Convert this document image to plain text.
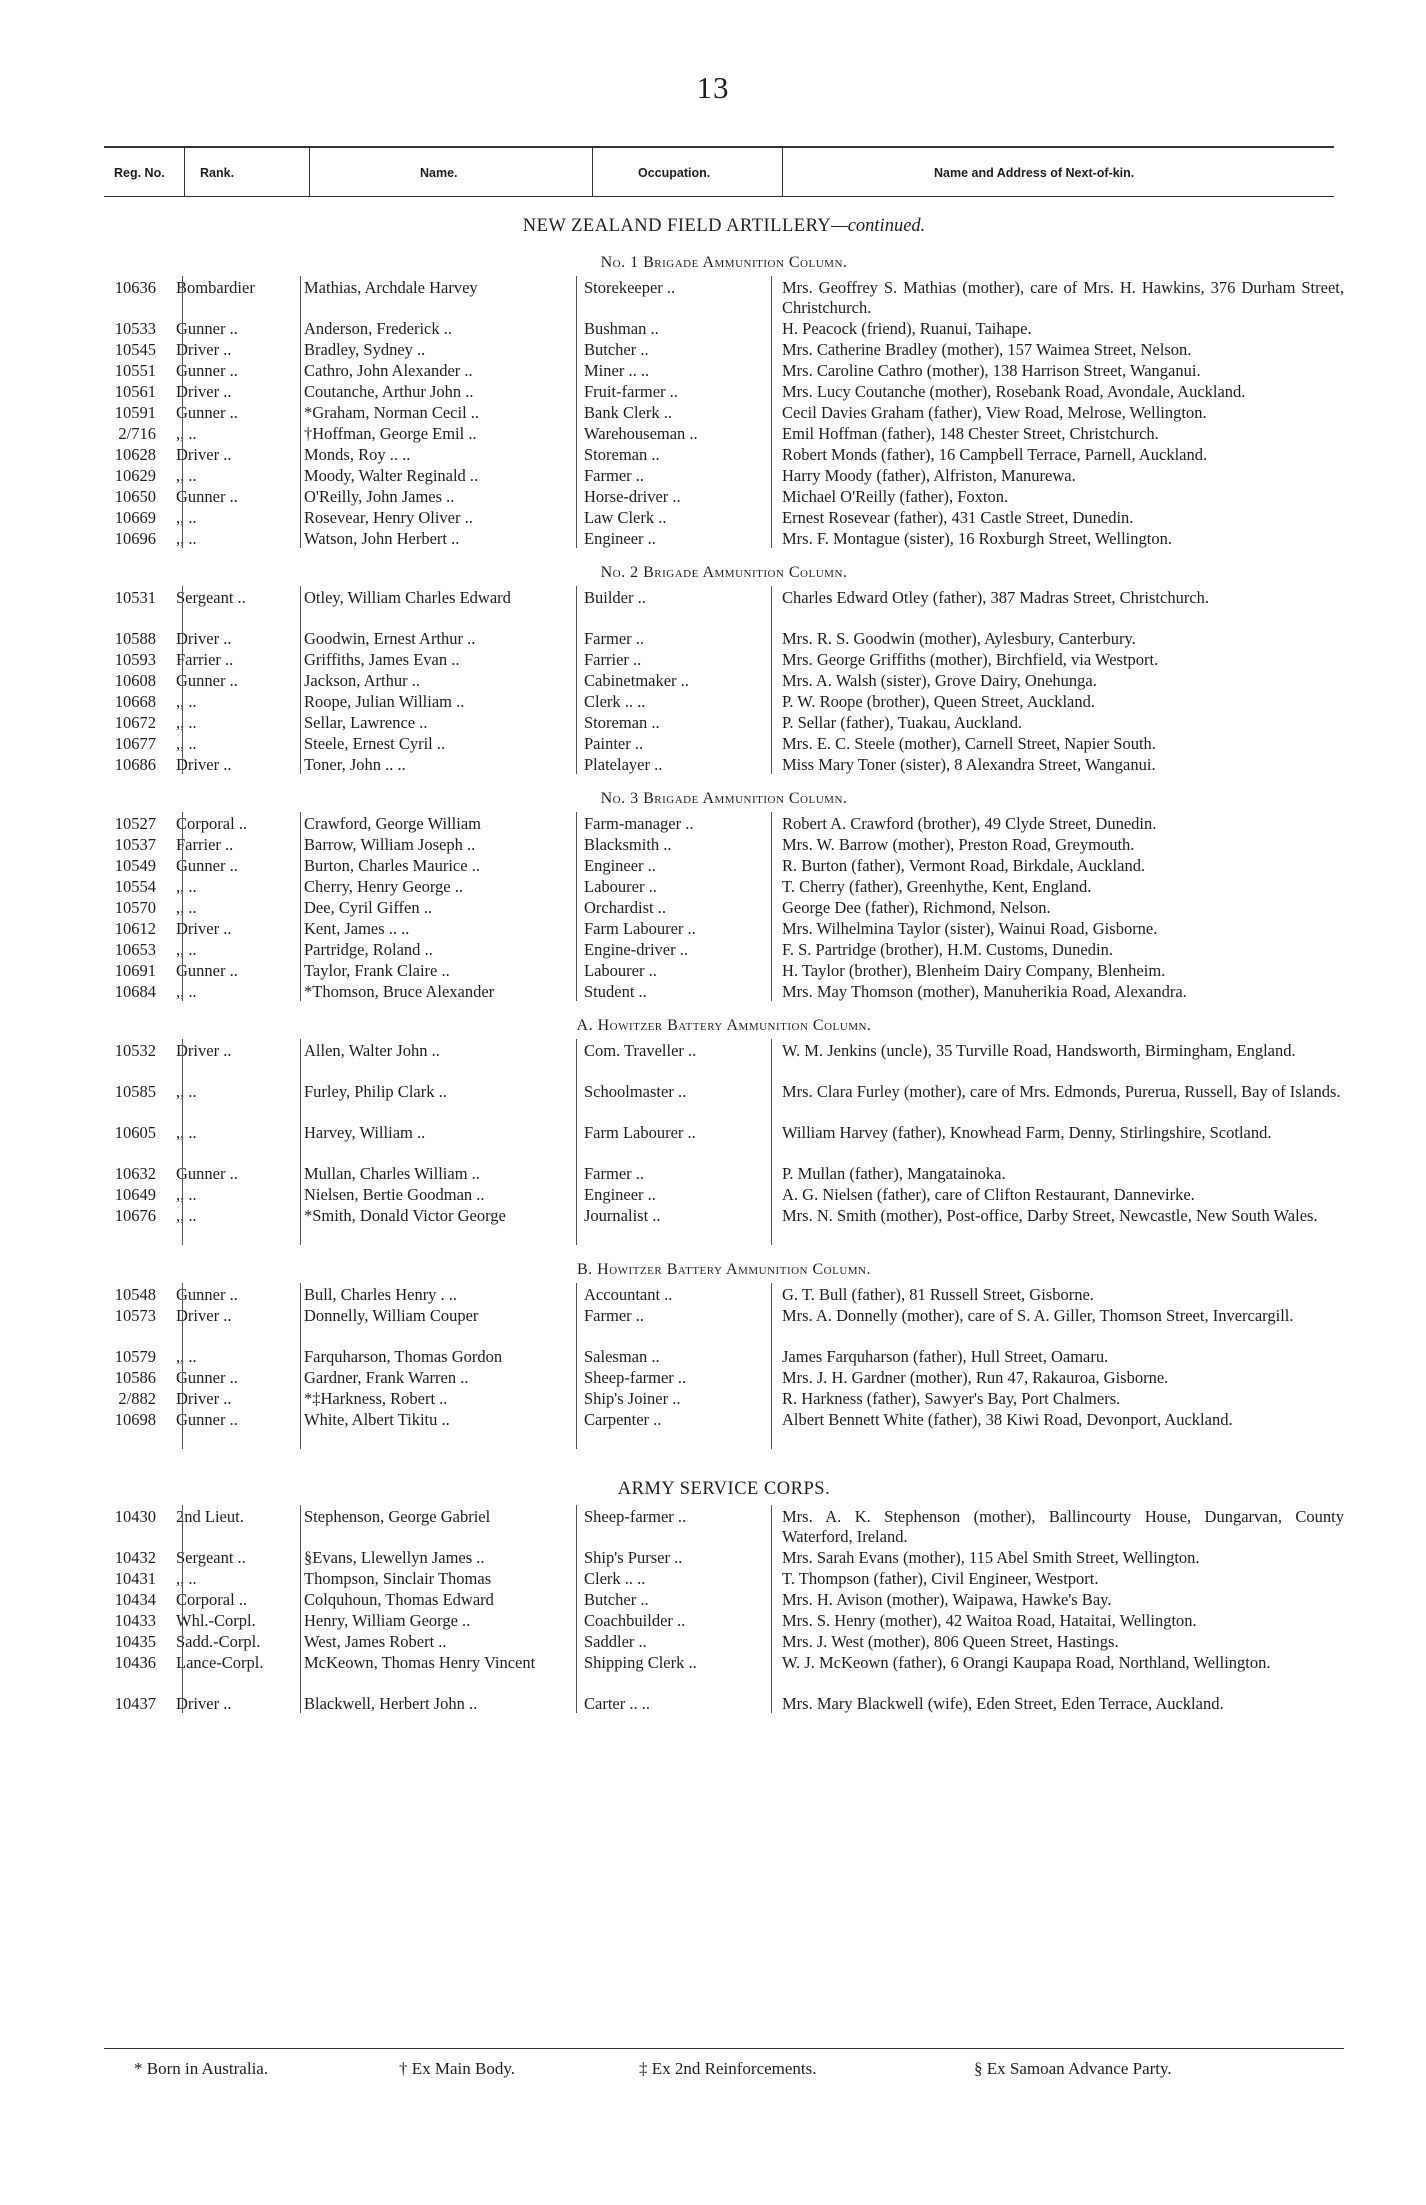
13
Reg. No.	Rank.	Name.	Occupation.	Name and Address of Next-of-kin.
NEW ZEALAND FIELD ARTILLERY—continued.
No. 1 Brigade Ammunition Column.
10636 Bombardier	Mathias, Archdale Harvey	Storekeeper ..	Mrs. Geoffrey S. Mathias (mother), care of Mrs. H. Hawkins, 376 Durham Street, Christchurch.
10533 Gunner ..	Anderson, Frederick ..	Bushman ..	H. Peacock (friend), Ruanui, Taihape.
10545 Driver ..	Bradley, Sydney ..	Butcher ..	Mrs. Catherine Bradley (mother), 157 Waimea Street, Nelson.
10551 Gunner ..	Cathro, John Alexander ..	Miner .. ..	Mrs. Caroline Cathro (mother), 138 Harrison Street, Wanganui.
10561 Driver ..	Coutanche, Arthur John ..	Fruit-farmer ..	Mrs. Lucy Coutanche (mother), Rosebank Road, Avondale, Auckland.
10591 Gunner ..	*Graham, Norman Cecil ..	Bank Clerk ..	Cecil Davies Graham (father), View Road, Melrose, Wellington.
2/716 ,, ..	†Hoffman, George Emil ..	Warehouseman ..	Emil Hoffman (father), 148 Chester Street, Christchurch.
10628 Driver ..	Monds, Roy .. ..	Storeman ..	Robert Monds (father), 16 Campbell Terrace, Parnell, Auckland.
10629 ,, ..	Moody, Walter Reginald ..	Farmer ..	Harry Moody (father), Alfriston, Manurewa.
10650 Gunner ..	O'Reilly, John James ..	Horse-driver ..	Michael O'Reilly (father), Foxton.
10669 ,, ..	Rosevear, Henry Oliver ..	Law Clerk ..	Ernest Rosevear (father), 431 Castle Street, Dunedin.
10696 ,, ..	Watson, John Herbert ..	Engineer ..	Mrs. F. Montague (sister), 16 Roxburgh Street, Wellington.
No. 2 Brigade Ammunition Column.
10531 Sergeant ..	Otley, William Charles Edward	Builder ..	Charles Edward Otley (father), 387 Madras Street, Christchurch.
10588 Driver ..	Goodwin, Ernest Arthur ..	Farmer ..	Mrs. R. S. Goodwin (mother), Aylesbury, Canterbury.
10593 Farrier ..	Griffiths, James Evan ..	Farrier ..	Mrs. George Griffiths (mother), Birchfield, via Westport.
10608 Gunner ..	Jackson, Arthur ..	Cabinetmaker ..	Mrs. A. Walsh (sister), Grove Dairy, Onehunga.
10668 ,, ..	Roope, Julian William ..	Clerk .. ..	P. W. Roope (brother), Queen Street, Auckland.
10672 ,, ..	Sellar, Lawrence ..	Storeman ..	P. Sellar (father), Tuakau, Auckland.
10677 ,, ..	Steele, Ernest Cyril ..	Painter ..	Mrs. E. C. Steele (mother), Carnell Street, Napier South.
10686 Driver ..	Toner, John .. ..	Platelayer ..	Miss Mary Toner (sister), 8 Alexandra Street, Wanganui.
No. 3 Brigade Ammunition Column.
10527 Corporal ..	Crawford, George William	Farm-manager ..	Robert A. Crawford (brother), 49 Clyde Street, Dunedin.
10537 Farrier ..	Barrow, William Joseph ..	Blacksmith ..	Mrs. W. Barrow (mother), Preston Road, Greymouth.
10549 Gunner ..	Burton, Charles Maurice ..	Engineer ..	R. Burton (father), Vermont Road, Birkdale, Auckland.
10554 ,, ..	Cherry, Henry George ..	Labourer ..	T. Cherry (father), Greenhythe, Kent, England.
10570 ,, ..	Dee, Cyril Giffen ..	Orchardist ..	George Dee (father), Richmond, Nelson.
10612 Driver ..	Kent, James .. ..	Farm Labourer ..	Mrs. Wilhelmina Taylor (sister), Wainui Road, Gisborne.
10653 ,, ..	Partridge, Roland ..	Engine-driver ..	F. S. Partridge (brother), H.M. Customs, Dunedin.
10691 Gunner ..	Taylor, Frank Claire ..	Labourer ..	H. Taylor (brother), Blenheim Dairy Company, Blenheim.
10684 ,, ..	*Thomson, Bruce Alexander	Student ..	Mrs. May Thomson (mother), Manuherikia Road, Alexandra.
A. Howitzer Battery Ammunition Column.
10532 Driver ..	Allen, Walter John ..	Com. Traveller ..	W. M. Jenkins (uncle), 35 Turville Road, Handsworth, Birmingham, England.
10585 ,, ..	Furley, Philip Clark ..	Schoolmaster ..	Mrs. Clara Furley (mother), care of Mrs. Edmonds, Purerua, Russell, Bay of Islands.
10605 ,, ..	Harvey, William ..	Farm Labourer ..	William Harvey (father), Knowhead Farm, Denny, Stirlingshire, Scotland.
10632 Gunner ..	Mullan, Charles William ..	Farmer ..	P. Mullan (father), Mangatainoka.
10649 ,, ..	Nielsen, Bertie Goodman ..	Engineer ..	A. G. Nielsen (father), care of Clifton Restaurant, Dannevirke.
10676 ,, ..	*Smith, Donald Victor George	Journalist ..	Mrs. N. Smith (mother), Post-office, Darby Street, Newcastle, New South Wales.
B. Howitzer Battery Ammunition Column.
10548 Gunner ..	Bull, Charles Henry . ..	Accountant ..	G. T. Bull (father), 81 Russell Street, Gisborne.
10573 Driver ..	Donnelly, William Couper	Farmer ..	Mrs. A. Donnelly (mother), care of S. A. Giller, Thomson Street, Invercargill.
10579 ,, ..	Farquharson, Thomas Gordon	Salesman ..	James Farquharson (father), Hull Street, Oamaru.
10586 Gunner ..	Gardner, Frank Warren ..	Sheep-farmer ..	Mrs. J. H. Gardner (mother), Run 47, Rakauroa, Gisborne.
2/882 Driver ..	*‡Harkness, Robert ..	Ship's Joiner ..	R. Harkness (father), Sawyer's Bay, Port Chalmers.
10698 Gunner ..	White, Albert Tikitu ..	Carpenter ..	Albert Bennett White (father), 38 Kiwi Road, Devonport, Auckland.
ARMY SERVICE CORPS.
10430 2nd Lieut.	Stephenson, George Gabriel	Sheep-farmer ..	Mrs. A. K. Stephenson (mother), Ballincourty House, Dungarvan, County Waterford, Ireland.
10432 Sergeant ..	§Evans, Llewellyn James ..	Ship's Purser ..	Mrs. Sarah Evans (mother), 115 Abel Smith Street, Wellington.
10431 ,, ..	Thompson, Sinclair Thomas	Clerk .. ..	T. Thompson (father), Civil Engineer, Westport.
10434 Corporal ..	Colquhoun, Thomas Edward	Butcher ..	Mrs. H. Avison (mother), Waipawa, Hawke's Bay.
10433 Whl.-Corpl.	Henry, William George ..	Coachbuilder ..	Mrs. S. Henry (mother), 42 Waitoa Road, Hataitai, Wellington.
10435 Sadd.-Corpl.	West, James Robert ..	Saddler ..	Mrs. J. West (mother), 806 Queen Street, Hastings.
10436 Lance-Corpl.	McKeown, Thomas Henry Vincent	Shipping Clerk ..	W. J. McKeown (father), 6 Orangi Kaupapa Road, Northland, Wellington.
10437 Driver ..	Blackwell, Herbert John ..	Carter .. ..	Mrs. Mary Blackwell (wife), Eden Street, Eden Terrace, Auckland.
* Born in Australia.	† Ex Main Body.	‡ Ex 2nd Reinforcements.	§ Ex Samoan Advance Party.
